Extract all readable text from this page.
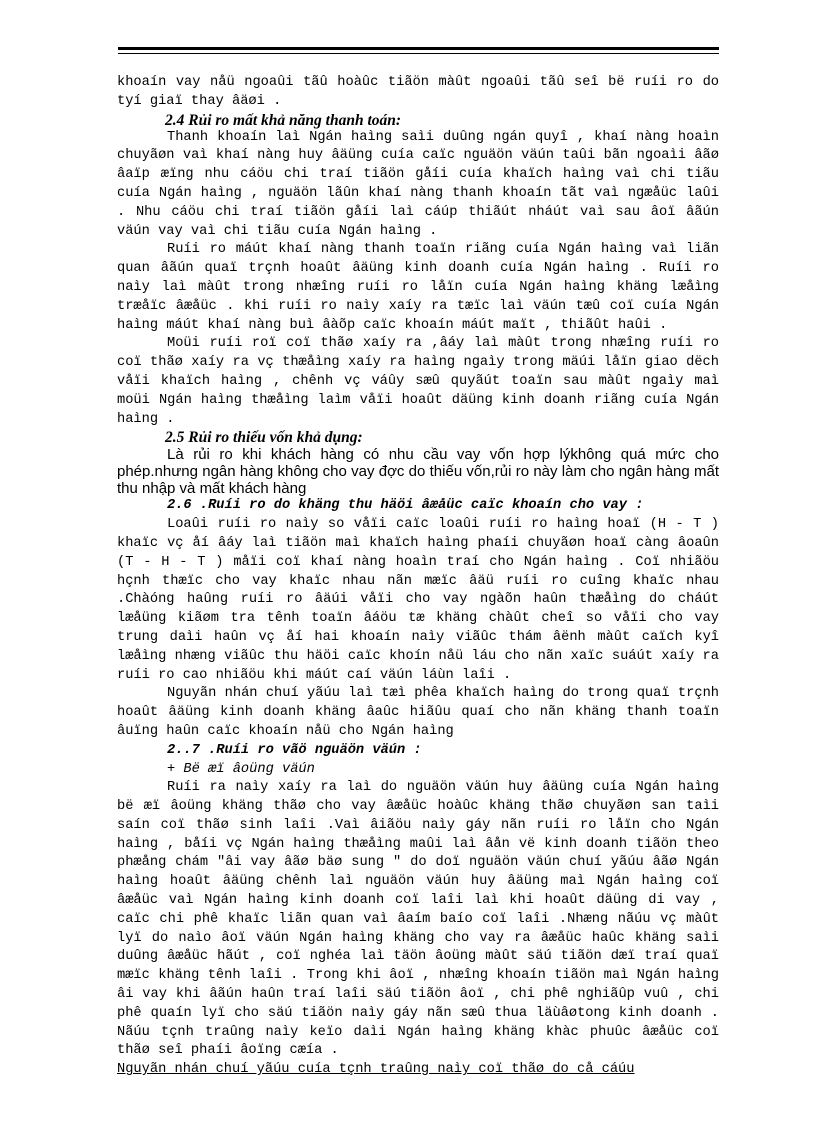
khoaín vay nåü ngoaûi tãû hoàûc tiãön màût ngoaûi tãû seî bë ruíi ro do tyí giaï thay âäøi .

2.4 Rủi ro mất khả năng thanh toán:

Thanh khoaín laì Ngán haìng saìi duûng ngán quyî , khaí nàng hoaìn chuyãøn vaì khaí nàng huy âäüng cuía caïc nguäön väún taûi bãn ngoaìi âãø âaïp æïng nhu cáöu chi traí tiãön gåíi cuía khaïch haìng vaì chi tiãu cuía Ngán haìng , nguäön lãûn khaí nàng thanh khoaín tãt vaì ngæåüc laûi . Nhu cáöu chi traí tiãön gåíi laì cáúp thiãút nháút vaì sau âoï âãún väún vay vaì chi tiãu cuía Ngán haìng .

Ruíi ro máút khaí nàng thanh toaïn riãng cuía Ngán haìng vaì liãn quan âãún quaï trçnh hoaût âäüng kinh doanh cuía Ngán haìng . Ruíi ro naìy laì màût trong nhæîng ruíi ro låïn cuía Ngán haìng khäng læåìng træåïc âæåüc . khi ruíi ro naìy xaíy ra tæïc laì väún tæû coï cuía Ngán haìng máút khaí nàng buì âàõp caïc khoaín máút maït , thiãût haûi .

Moüi ruíi roï coï thãø xaíy ra ,âáy laì màût trong nhæîng ruíi ro coï thãø xaíy ra vç thæåìng xaíy ra haìng ngaìy trong mäúi låïn giao dëch våïi khaïch haìng , chênh vç váûy sæû quyãút toaïn sau màût ngaìy maì moüi Ngán haìng thæåìng laìm våïi hoaût däüng kinh doanh riãng cuía Ngán haìng .

2.5 Rủi ro thiếu vốn khả dụng:

Là rủi ro khi khách hàng có nhu cầu vay vốn hợp lýkhông quá mức cho phép.nhưng ngân hàng không cho vay đợc do thiếu vốn,rủi ro này làm cho ngân hàng mất thu nhập và mất khách hàng

2.6 .Ruíi ro do khäng thu häöi âæåüc caïc khoaín cho vay :

Loaûi ruíi ro naìy so våïi caïc loaûi ruíi ro haìng hoaï (H - T ) khaïc vç åí âáy laì tiãön maì khaïch haìng phaíi chuyãøn hoaï càng âoaûn (T - H - T ) måïi coï khaí nàng hoaìn traí cho Ngán haìng . Coï nhiãöu hçnh thæïc cho vay khaïc nhau nãn mæïc âäü ruíi ro cuîng khaïc nhau .Chàóng haûng ruíi ro âäúi våïi cho vay ngàõn haûn thæåìng do cháút læåüng kiãøm tra tênh toaïn âáöu tæ khäng chàût cheî so våïi cho vay trung daìi haûn vç åí hai khoaín naìy viãûc thám âënh màût caïch kyî læåìng nhæng viãûc thu häöi caïc khoín nåü láu cho nãn xaïc suáút xaíy ra ruíi ro cao nhiãöu khi máút caí väún láùn laîi .

Nguyãn nhán chuí yãúu laì tæì phêa khaïch haìng do trong quaï trçnh hoaût âäüng kinh doanh khäng âaûc hiãûu quaí cho nãn khäng thanh toaïn âuïng haûn caïc khoaín nåü cho Ngán haìng

2..7 .Ruíi ro vãö nguäön väún :

+ Bë æï âoüng väún

Ruíi ra naìy xaíy ra laì do nguäön väún huy âäüng cuía Ngán haìng bë æï âoüng khäng thãø cho vay âæåüc hoàûc khäng thãø chuyãøn san taìi saín coï thãø sinh laîi .Vaì âiãöu naìy gáy nãn ruíi ro låïn cho Ngán haìng , båíi vç Ngán haìng thæåìng maûi laì âån vë kinh doanh tiãön theo phæång chám "âi vay âãø bäø sung " do doï nguäön väún chuí yãúu âãø Ngán haìng hoaût âäüng chênh laì nguäön väún huy âäüng maì Ngán haìng coï âæåüc vaì Ngán haìng kinh doanh coï laîi laì khi hoaût däüng di vay , caïc chi phê khaïc liãn quan vaì âaím baío coï laîi .Nhæng nãúu vç màût lyï do naìo âoï väún Ngán haìng khäng cho vay ra âæåüc haûc khäng saìi duûng âæåüc hãút , coï nghéa laì täön âoüng màût säú tiãön dæï traí quaï mæïc khäng tênh laîi . Trong khi âoï , nhæîng khoaín tiãön maì Ngán haìng âi vay khi âãún haûn traí laîi säú tiãön âoï , chi phê nghiãûp vuû , chi phê quaín lyï cho säú tiãön naìy gáy nãn sæû thua läùâøtong kinh doanh . Nãúu tçnh traûng naìy keïo daìi Ngán haìng khäng khàc phuûc âæåüc coï thãø seî phaíi âoïng cæía .

Nguyãn nhán chuí yãúu cuía tçnh traûng naìy coï thãø do cå cáúu
